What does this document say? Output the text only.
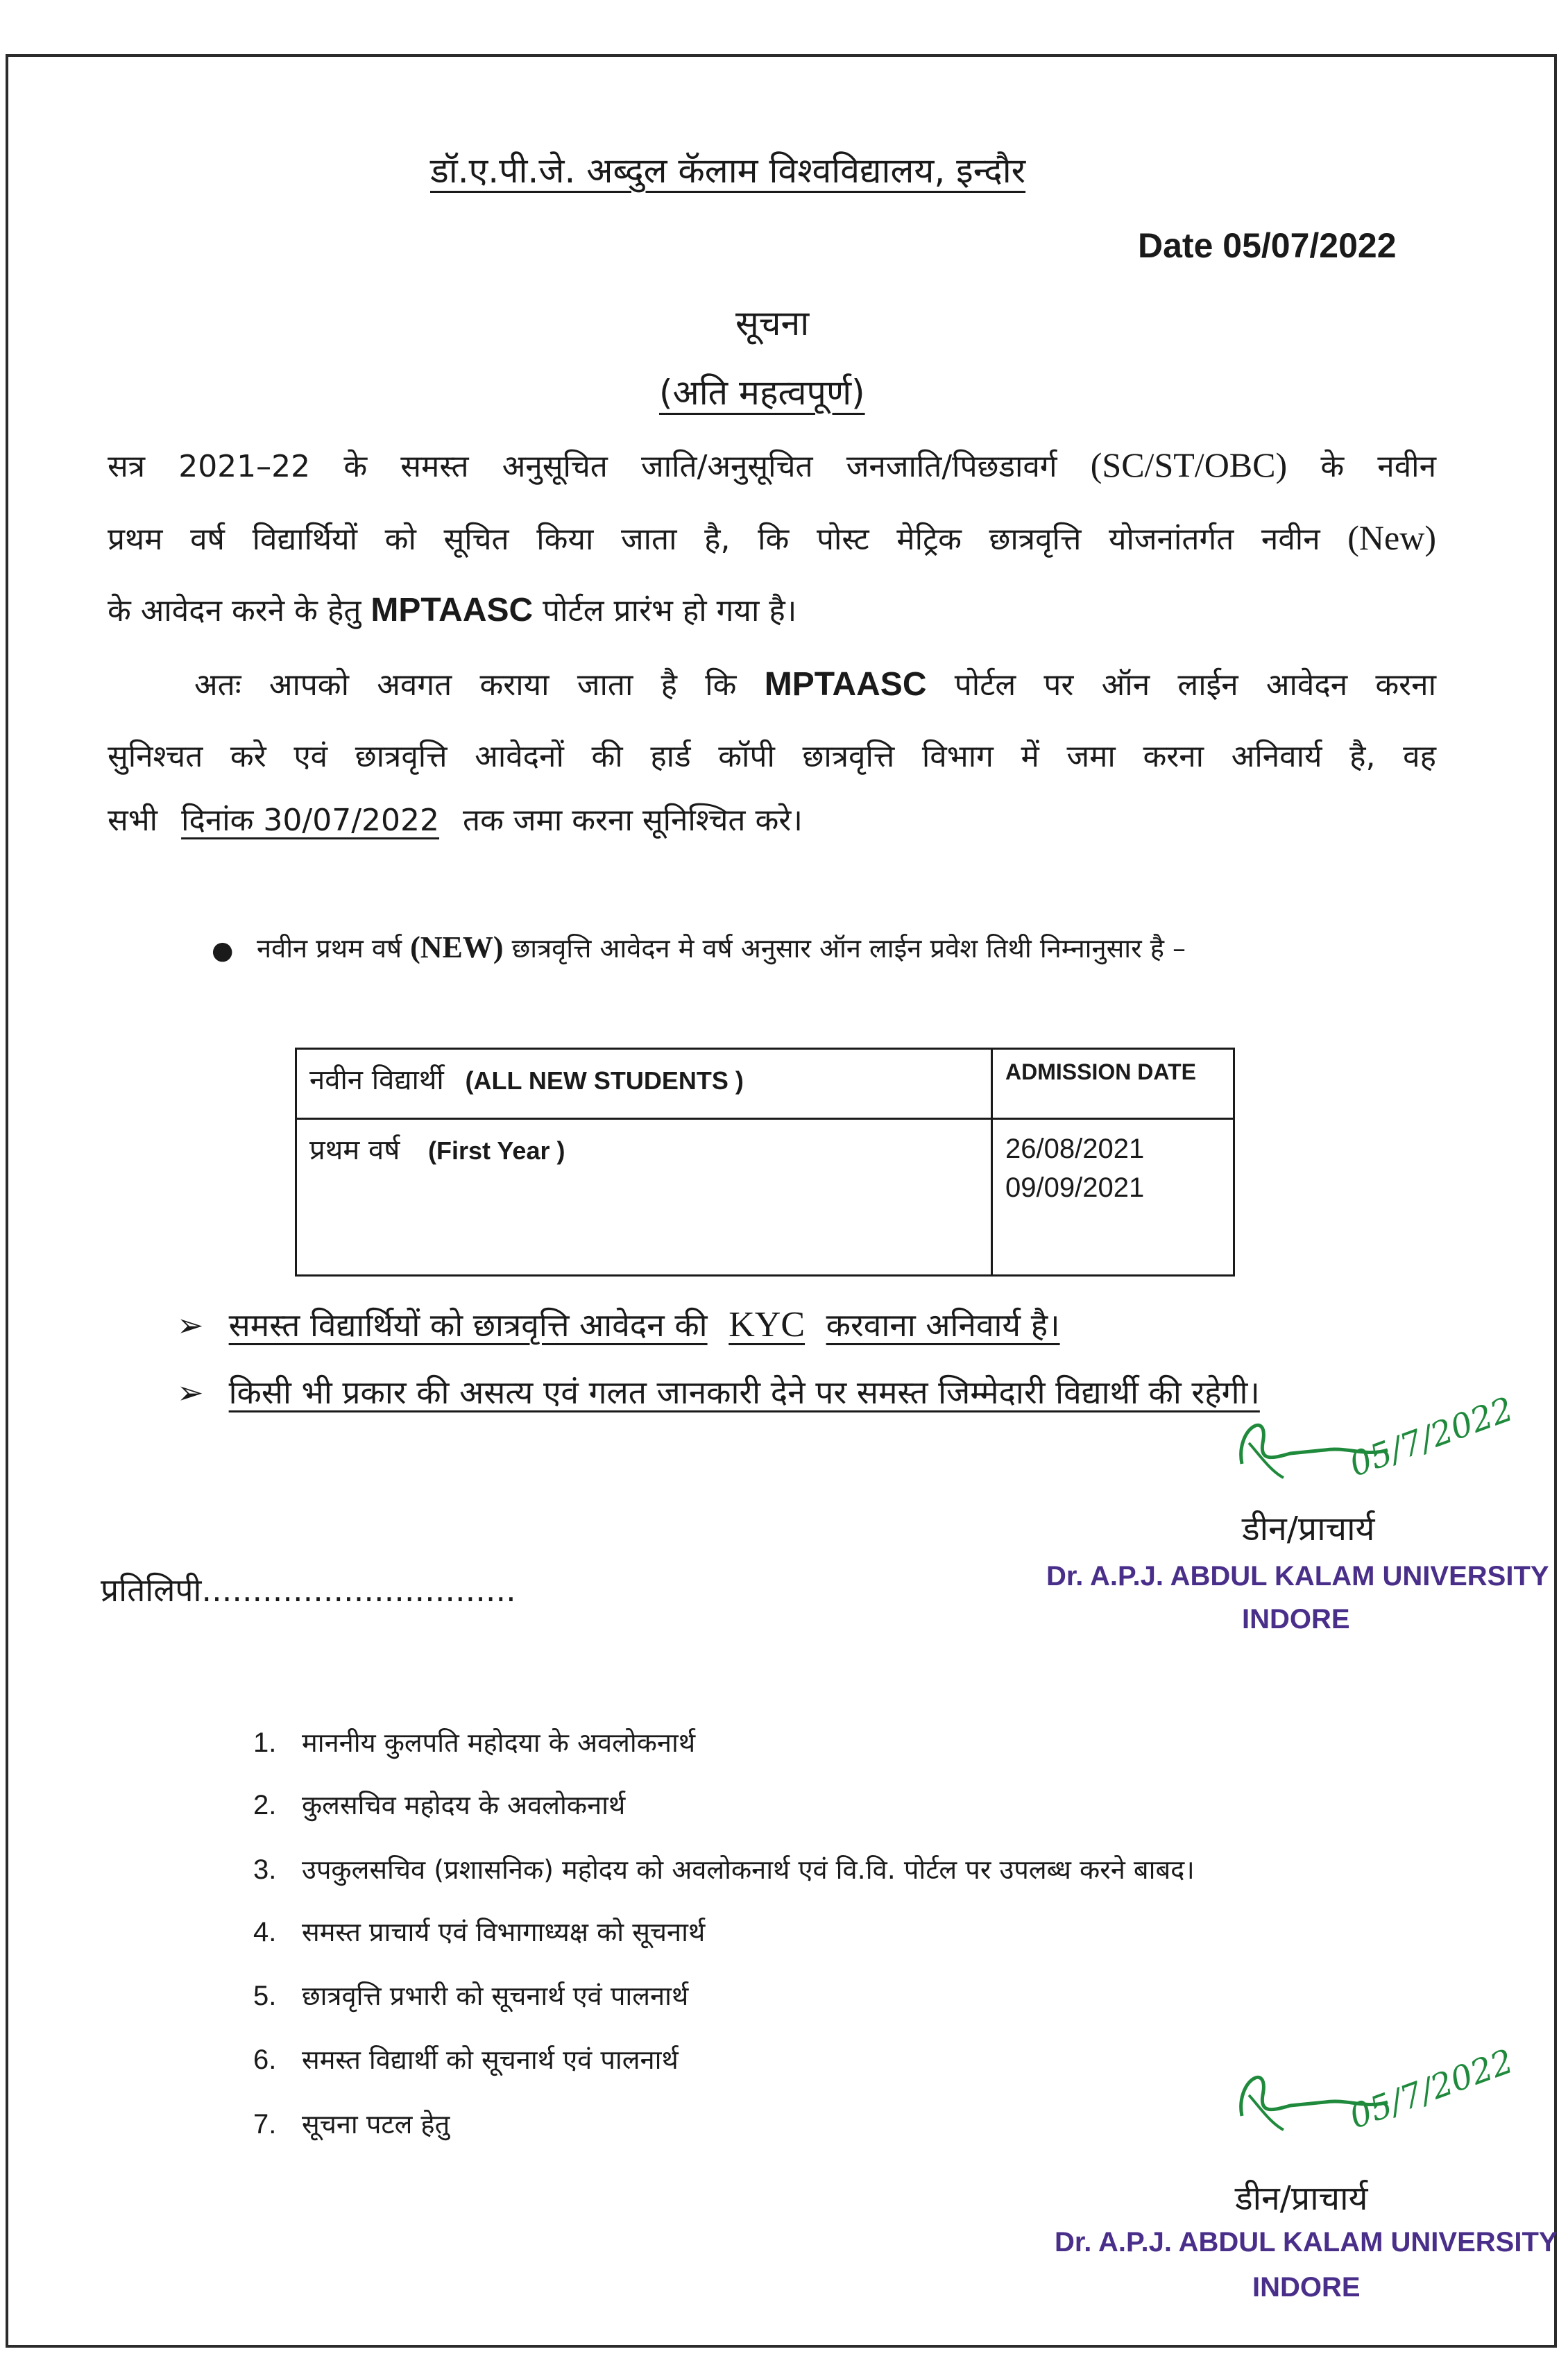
डॉ.ए.पी.जे. अब्दुल कॅलाम विश्वविद्यालय, इन्दौर
Date 05/07/2022
सूचना
(अति महत्वपूर्ण)
सत्र 2021–22 के समस्त अनुसूचित जाति/अनुसूचित जनजाति/पिछडावर्ग (SC/ST/OBC) के नवीन
प्रथम वर्ष विद्यार्थियों को सूचित किया जाता है, कि पोस्ट मेट्रिक छात्रवृत्ति योजनांतर्गत नवीन (New)
के आवेदन करने के हेतु MPTAASC पोर्टल प्रारंभ हो गया है।
अतः आपको अवगत कराया जाता है कि MPTAASC पोर्टल पर ऑन लाईन आवेदन करना
सुनिश्चत करे एवं छात्रवृत्ति आवेदनों की हार्ड कॉपी छात्रवृत्ति विभाग में जमा करना अनिवार्य है, वह
सभी दिनांक 30/07/2022 तक जमा करना सूनिश्चित करे।
● नवीन प्रथम वर्ष (NEW) छात्रवृत्ति आवेदन मे वर्ष अनुसार ऑन लाईन प्रवेश तिथी निम्नानुसार है –
नवीन विद्यार्थी (ALL NEW STUDENTS )	ADMISSION DATE
प्रथम वर्ष (First Year )	26/08/2021
09/09/2021
➢ समस्त विद्यार्थियों को छात्रवृत्ति आवेदन की KYC करवाना अनिवार्य है।
➢ किसी भी प्रकार की असत्य एवं गलत जानकारी देने पर समस्त जिम्मेदारी विद्यार्थी की रहेगी।	05/7/2022
डीन/प्राचार्य
Dr. A.P.J. ABDUL KALAM UNIVERSITY
INDORE
प्रतिलिपी...............................
1. माननीय कुलपति महोदया के अवलोकनार्थ
2. कुलसचिव महोदय के अवलोकनार्थ
3. उपकुलसचिव (प्रशासनिक) महोदय को अवलोकनार्थ एवं वि.वि. पोर्टल पर उपलब्ध करने बाबद।
4. समस्त प्राचार्य एवं विभागाध्यक्ष को सूचनार्थ
5. छात्रवृत्ति प्रभारी को सूचनार्थ एवं पालनार्थ
6. समस्त विद्यार्थी को सूचनार्थ एवं पालनार्थ
7. सूचना पटल हेतु	05/7/2022
डीन/प्राचार्य
Dr. A.P.J. ABDUL KALAM UNIVERSITY
INDORE
